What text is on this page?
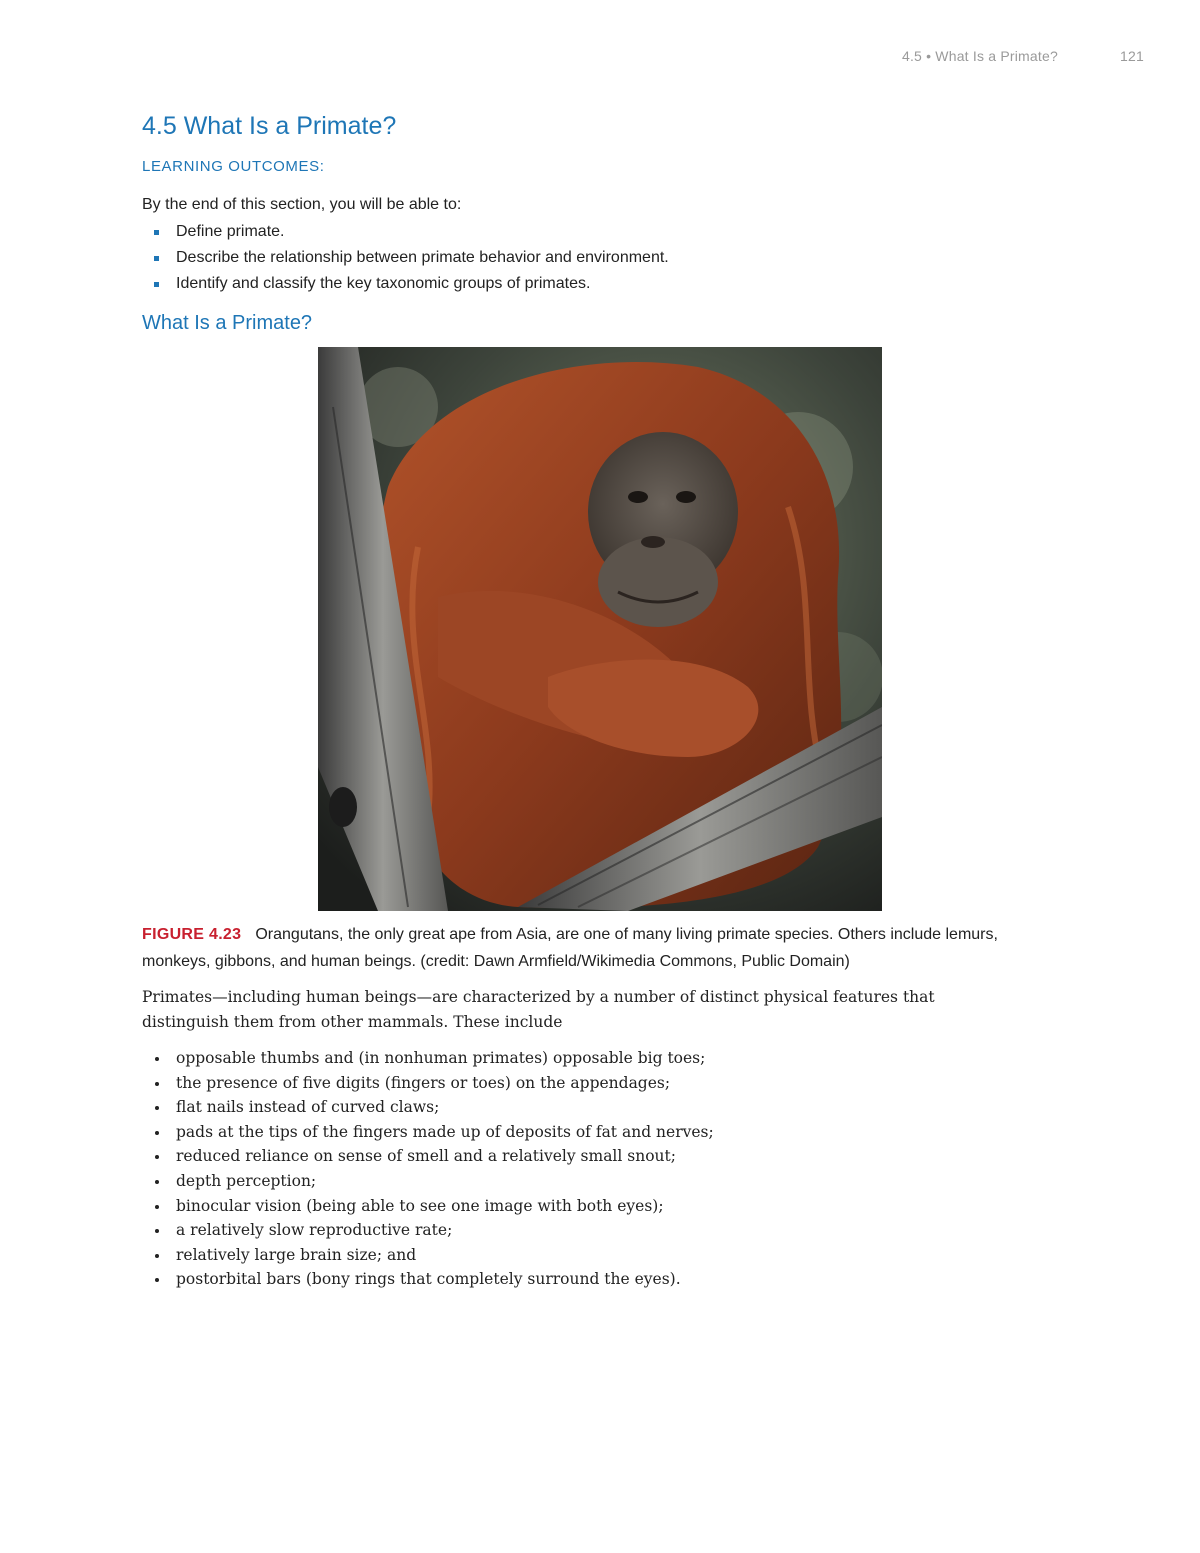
4.5 • What Is a Primate?	121
4.5 What Is a Primate?
LEARNING OUTCOMES:
By the end of this section, you will be able to:
Define primate.
Describe the relationship between primate behavior and environment.
Identify and classify the key taxonomic groups of primates.
What Is a Primate?
FIGURE 4.23 Orangutans, the only great ape from Asia, are one of many living primate species. Others include lemurs, monkeys, gibbons, and human beings. (credit: Dawn Armfield/Wikimedia Commons, Public Domain)

Primates—including human beings—are characterized by a number of distinct physical features that distinguish them from other mammals. These include

opposable thumbs and (in nonhuman primates) opposable big toes;
the presence of five digits (fingers or toes) on the appendages;
flat nails instead of curved claws;
pads at the tips of the fingers made up of deposits of fat and nerves;
reduced reliance on sense of smell and a relatively small snout;
depth perception;
binocular vision (being able to see one image with both eyes);
a relatively slow reproductive rate;
relatively large brain size; and
postorbital bars (bony rings that completely surround the eyes).
